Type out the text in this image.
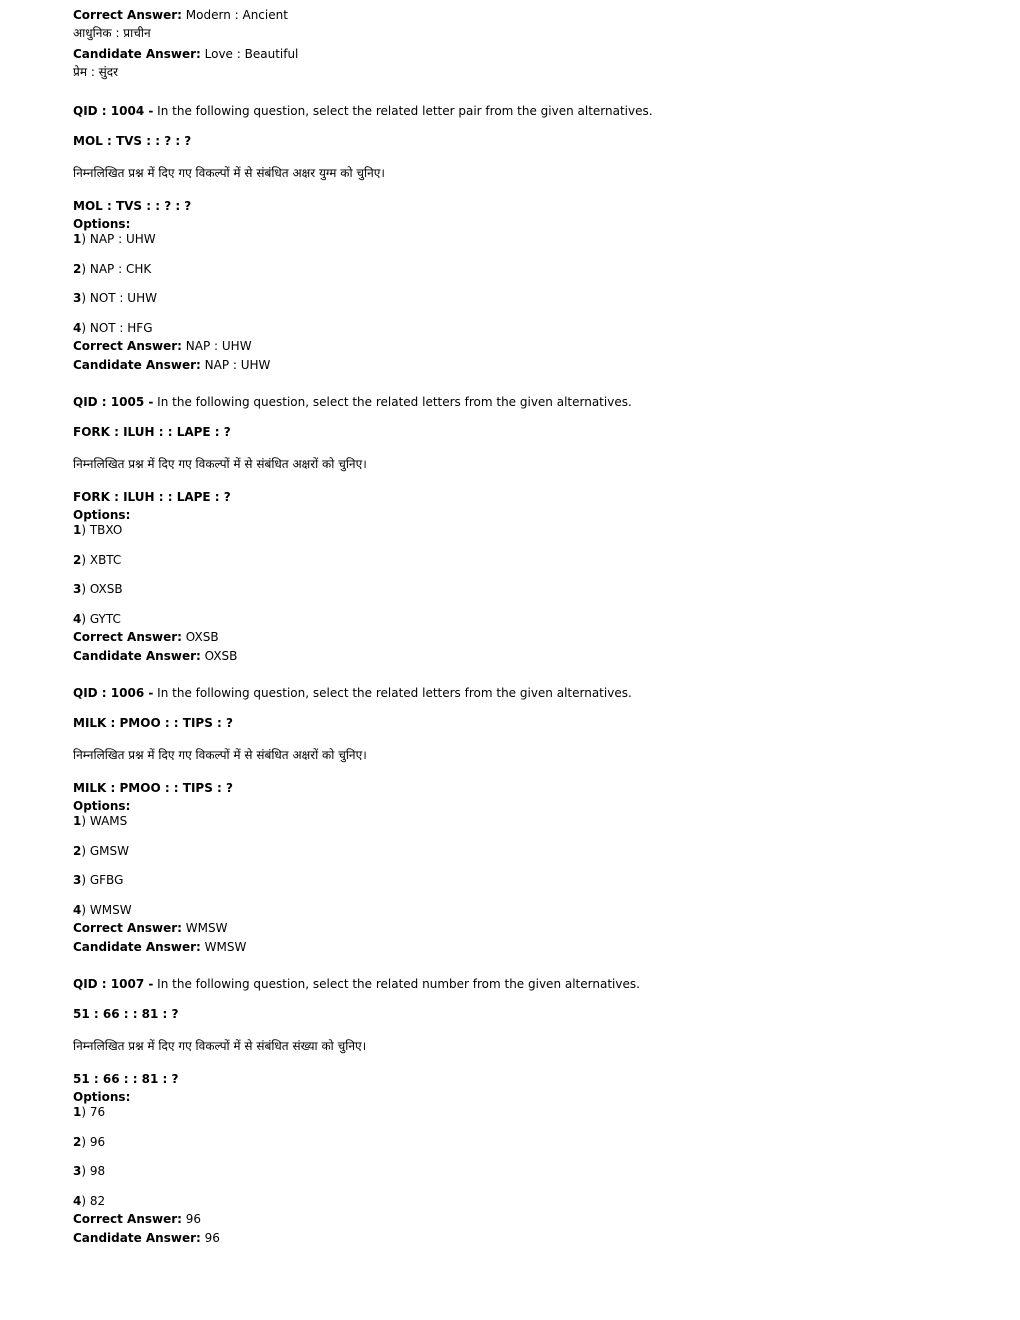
Correct Answer: Modern : Ancient
आधुनिक : प्राचीन
Candidate Answer: Love : Beautiful
प्रेम : सुंदर
QID : 1004 - In the following question, select the related letter pair from the given alternatives.
MOL : TVS : : ? : ?
निम्नलिखित प्रश्न में दिए गए विकल्पों में से संबंधित अक्षर युग्म को चुनिए।
MOL : TVS : : ? : ?
Options:
1) NAP : UHW
2) NAP : CHK
3) NOT : UHW
4) NOT : HFG
Correct Answer: NAP : UHW
Candidate Answer: NAP : UHW
QID : 1005 - In the following question, select the related letters from the given alternatives.
FORK : ILUH : : LAPE : ?
निम्नलिखित प्रश्न में दिए गए विकल्पों में से संबंधित अक्षरों को चुनिए।
FORK : ILUH : : LAPE : ?
Options:
1) TBXO
2) XBTC
3) OXSB
4) GYTC
Correct Answer: OXSB
Candidate Answer: OXSB
QID : 1006 - In the following question, select the related letters from the given alternatives.
MILK : PMOO : : TIPS : ?
निम्नलिखित प्रश्न में दिए गए विकल्पों में से संबंधित अक्षरों को चुनिए।
MILK : PMOO : : TIPS : ?
Options:
1) WAMS
2) GMSW
3) GFBG
4) WMSW
Correct Answer: WMSW
Candidate Answer: WMSW
QID : 1007 - In the following question, select the related number from the given alternatives.
51 : 66 : : 81 : ?
निम्नलिखित प्रश्न में दिए गए विकल्पों में से संबंधित संख्या को चुनिए।
51 : 66 : : 81 : ?
Options:
1) 76
2) 96
3) 98
4) 82
Correct Answer: 96
Candidate Answer: 96
